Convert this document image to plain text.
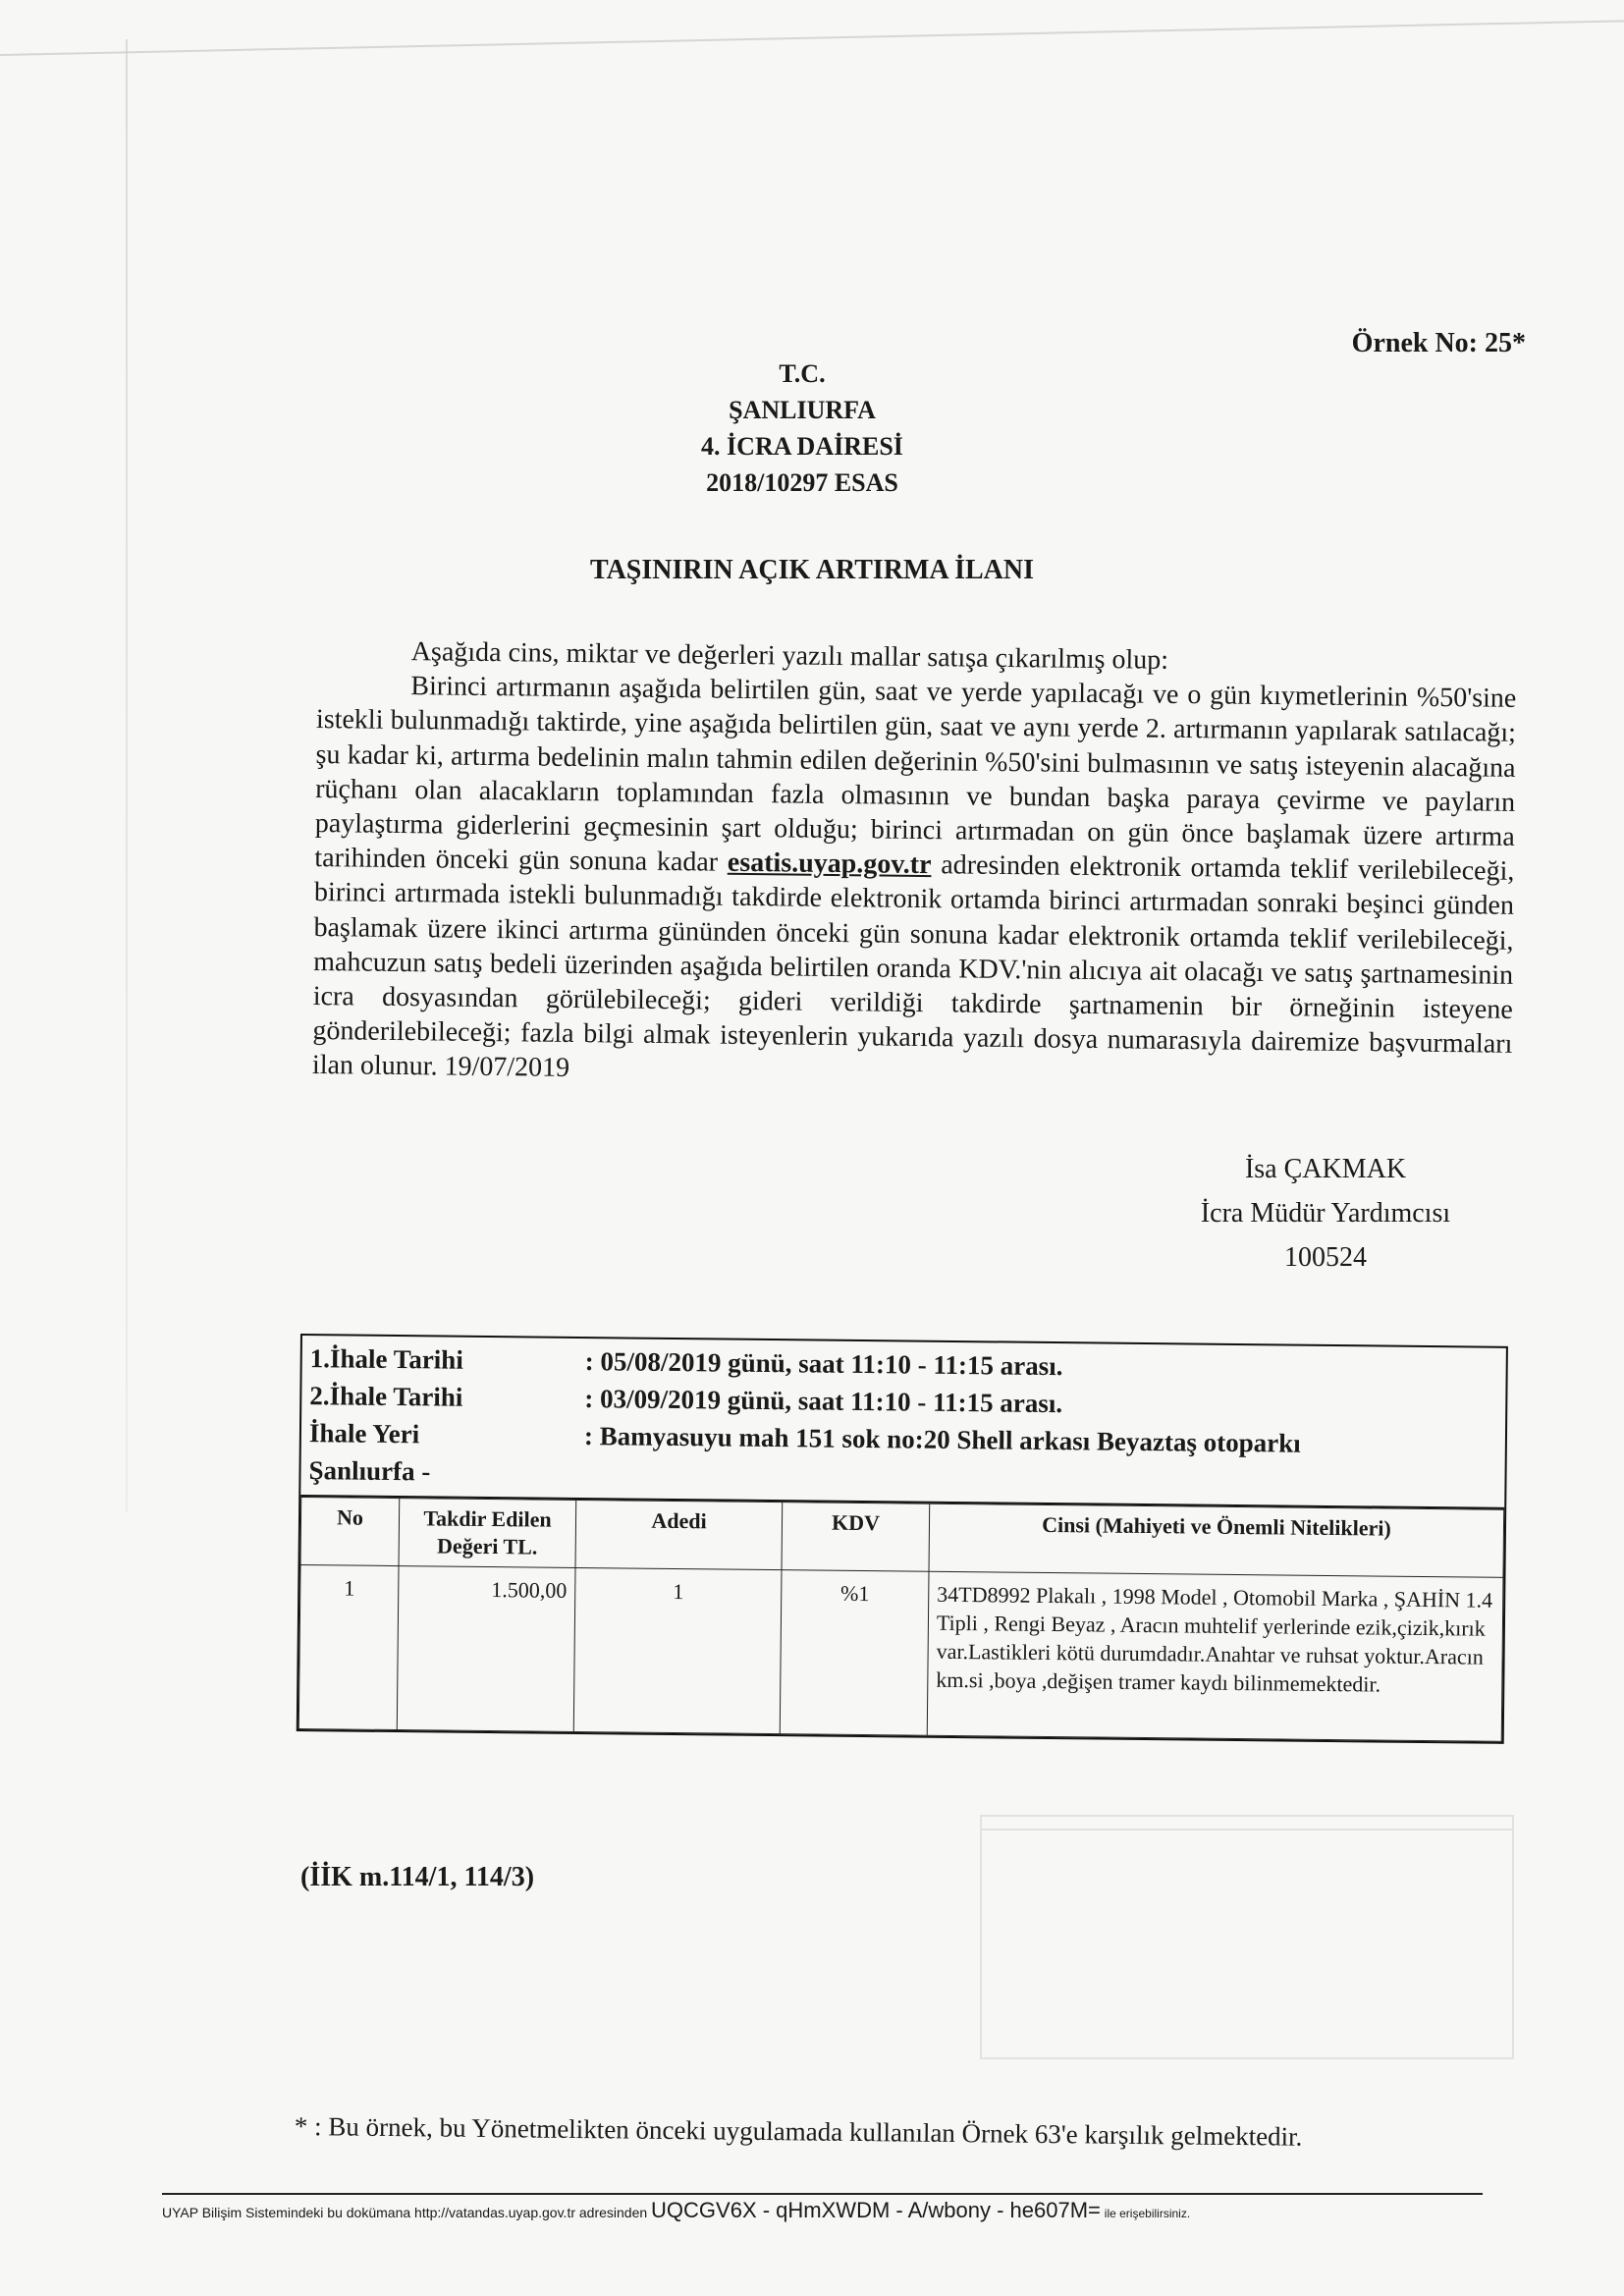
Örnek No: 25*
T.C.
ŞANLIURFA
4. İCRA DAİRESİ
2018/10297 ESAS
TAŞINIRIN AÇIK ARTIRMA İLANI

Aşağıda cins, miktar ve değerleri yazılı mallar satışa çıkarılmış olup:

Birinci artırmanın aşağıda belirtilen gün, saat ve yerde yapılacağı ve o gün kıymetlerinin %50'sine istekli bulunmadığı taktirde, yine aşağıda belirtilen gün, saat ve aynı yerde 2. artırmanın yapılarak satılacağı; şu kadar ki, artırma bedelinin malın tahmin edilen değerinin %50'sini bulmasının ve satış isteyenin alacağına rüçhanı olan alacakların toplamından fazla olmasının ve bundan başka paraya çevirme ve payların paylaştırma giderlerini geçmesinin şart olduğu; birinci artırmadan on gün önce başlamak üzere artırma tarihinden önceki gün sonuna kadar esatis.uyap.gov.tr adresinden elektronik ortamda teklif verilebileceği, birinci artırmada istekli bulunmadığı takdirde elektronik ortamda birinci artırmadan sonraki beşinci günden başlamak üzere ikinci artırma gününden önceki gün sonuna kadar elektronik ortamda teklif verilebileceği, mahcuzun satış bedeli üzerinden aşağıda belirtilen oranda KDV.'nin alıcıya ait olacağı ve satış şartnamesinin icra dosyasından görülebileceği; gideri verildiği takdirde şartnamenin bir örneğinin isteyene gönderilebileceği; fazla bilgi almak isteyenlerin yukarıda yazılı dosya numarasıyla dairemize başvurmaları ilan olunur. 19/07/2019

İsa ÇAKMAK
İcra Müdür Yardımcısı
100524
1.İhale Tarihi	: 05/08/2019 günü, saat 11:10 - 11:15 arası.
2.İhale Tarihi	: 03/09/2019 günü, saat 11:10 - 11:15 arası.
İhale Yeri	: Bamyasuyu mah 151 sok no:20 Shell arkası Beyaztaş otoparkı
Şanlıurfa -
No	Takdir Edilen Değeri TL.	Adedi	KDV	Cinsi (Mahiyeti ve Önemli Nitelikleri)
1	1.500,00	1	%1	34TD8992 Plakalı , 1998 Model , Otomobil Marka , ŞAHİN 1.4 Tipli , Rengi Beyaz , Aracın muhtelif yerlerinde ezik,çizik,kırık var.Lastikleri kötü durumdadır.Anahtar ve ruhsat yoktur.Aracın km.si ,boya ,değişen tramer kaydı bilinmemektedir.
(İİK m.114/1, 114/3)
* : Bu örnek, bu Yönetmelikten önceki uygulamada kullanılan Örnek 63'e karşılık gelmektedir.
UYAP Bilişim Sistemindeki bu dokümana http://vatandas.uyap.gov.tr adresinden UQCGV6X - qHmXWDM - A/wbony - he607M= ile erişebilirsiniz.
